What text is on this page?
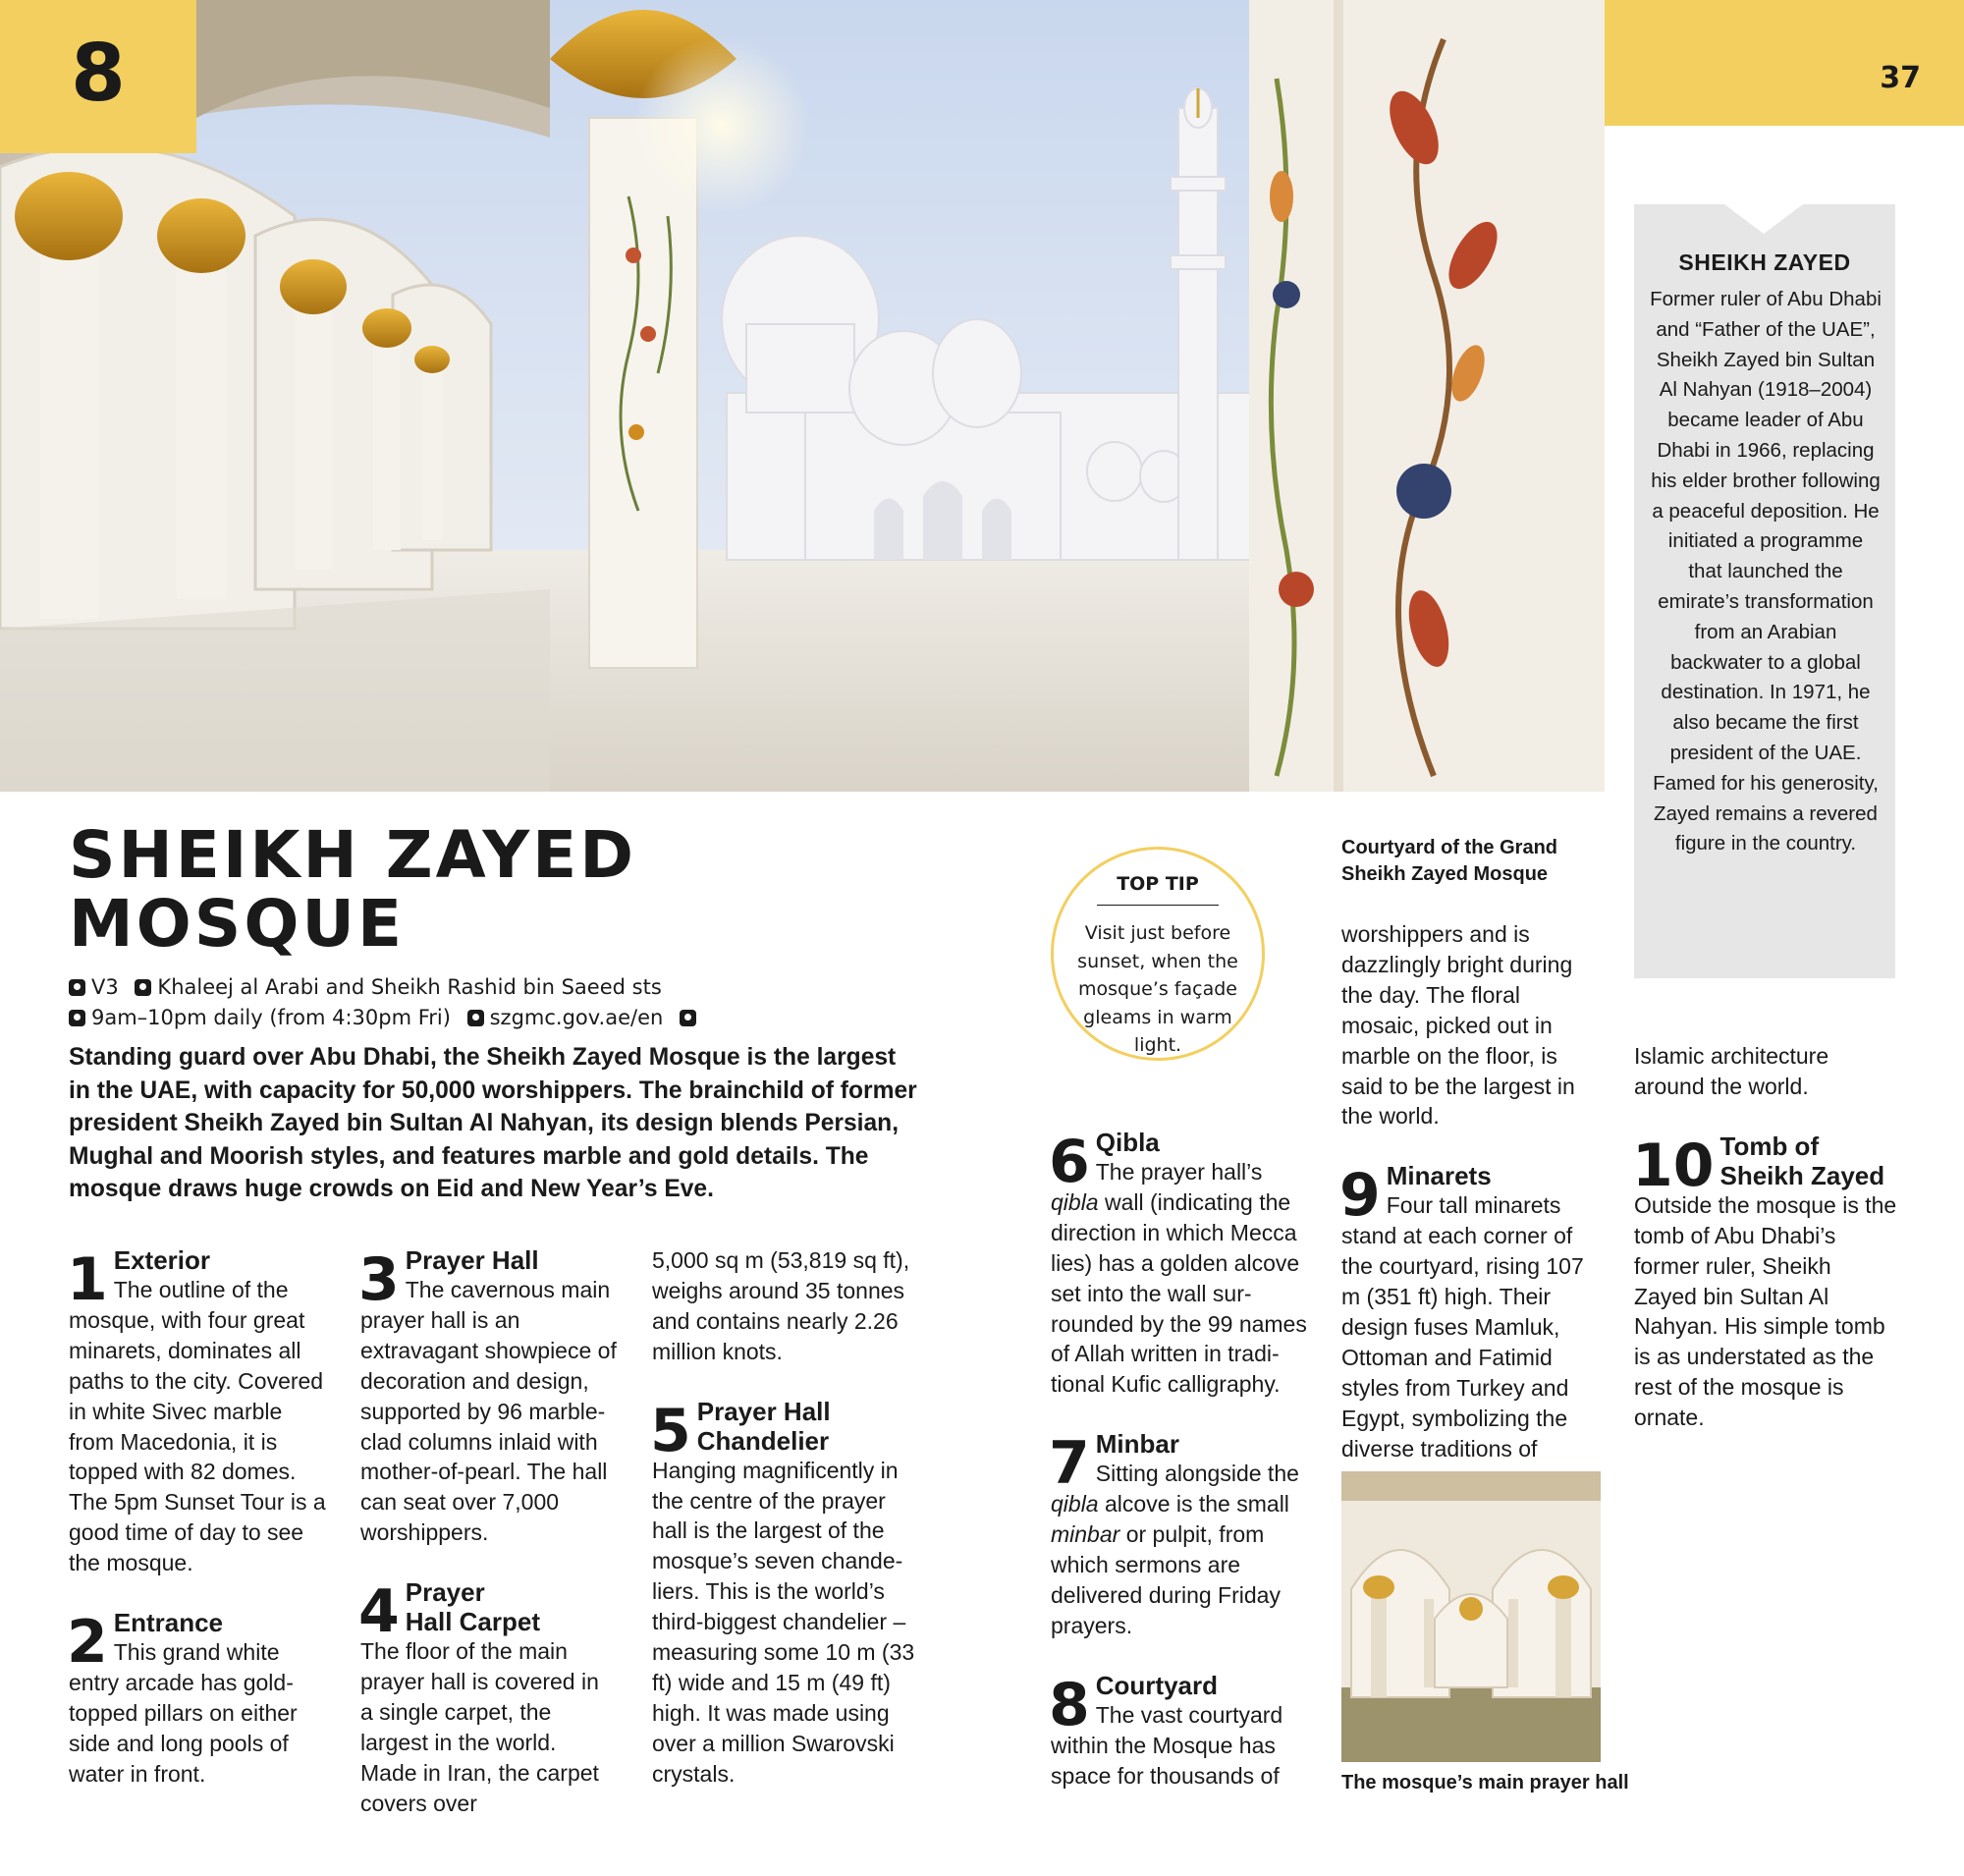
8	37
SHEIKH ZAYED
Former ruler of Abu Dhabi and “Father of the UAE”, Sheikh Zayed bin Sultan Al Nahyan (1918–2004) became leader of Abu Dhabi in 1966, replacing his elder brother following a peaceful deposition. He initiated a programme that launched the emirate’s transformation from an Arabian backwater to a global destination. In 1971, he also became the first president of the UAE. Famed for his generosity, Zayed remains a revered figure in the country.
SHEIKH ZAYED
MOSQUE
V3 Khaleej al Arabi and Sheikh Rashid bin Saeed sts
9am–10pm daily (from 4:30pm Fri) szgmc.gov.ae/en
Standing guard over Abu Dhabi, the Sheikh Zayed Mosque is the largest in the UAE, with capacity for 50,000 worshippers. The brainchild of former president Sheikh Zayed bin Sultan Al Nahyan, its design blends Persian, Mughal and Moorish styles, and features marble and gold details. The mosque draws huge crowds on Eid and New Year’s Eve.
1 Exterior
The outline of the mosque, with four great minarets, dominates all paths to the city. Covered in white Sivec marble from Macedonia, it is topped with 82 domes. The 5pm Sunset Tour is a good time of day to see the mosque.
2 Entrance
This grand white entry arcade has gold-topped pillars on either side and long pools of water in front.
3 Prayer Hall
The cavernous main prayer hall is an extravagant showpiece of decoration and design, supported by 96 marble-clad columns inlaid with mother-of-pearl. The hall can seat over 7,000 worshippers.
4 Prayer
Hall Carpet
The floor of the main prayer hall is covered in a single carpet, the largest in the world. Made in Iran, the carpet covers over
5,000 sq m (53,819 sq ft), weighs around 35 tonnes and contains nearly 2.26 million knots.
5 Prayer Hall
Chandelier
Hanging magnificently in the centre of the prayer hall is the largest of the mosque’s seven chandeliers. This is the world’s third-biggest chandelier – measuring some 10 m (33 ft) wide and 15 m (49 ft) high. It was made using over a million Swarovski crystals.
TOP TIP
Visit just before sunset, when the mosque’s façade gleams in warm light.
6 Qibla
The prayer hall’s qibla wall (indicating the direction in which Mecca lies) has a golden alcove set into the wall surrounded by the 99 names of Allah written in traditional Kufic calligraphy.
7 Minbar
Sitting alongside the qibla alcove is the small minbar or pulpit, from which sermons are delivered during Friday prayers.
8 Courtyard
The vast courtyard within the Mosque has space for thousands of
Courtyard of the Grand Sheikh Zayed Mosque
worshippers and is dazzlingly bright during the day. The floral mosaic, picked out in marble on the floor, is said to be the largest in the world.
9 Minarets
Four tall minarets stand at each corner of the courtyard, rising 107 m (351 ft) high. Their design fuses Mamluk, Ottoman and Fatimid styles from Turkey and Egypt, symbolizing the diverse traditions of
The mosque’s main prayer hall
Islamic architecture around the world.
10 Tomb of
Sheikh Zayed
Outside the mosque is the tomb of Abu Dhabi’s former ruler, Sheikh Zayed bin Sultan Al Nahyan. His simple tomb is as understated as the rest of the mosque is ornate.
